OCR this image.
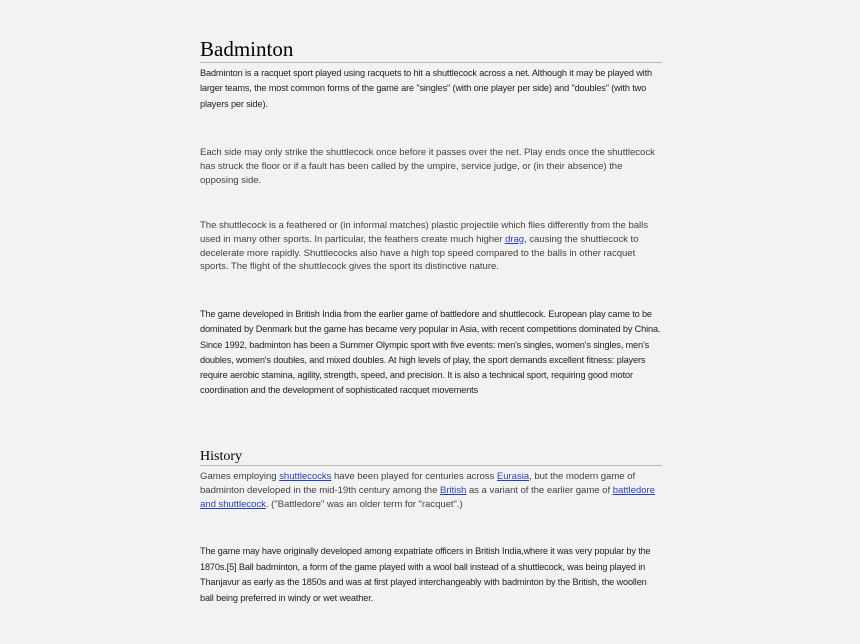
Badminton

Badminton is a racquet sport played using racquets to hit a shuttlecock across a net. Although it may be played with larger teams, the most common forms of the game are "singles" (with one player per side) and "doubles" (with two players per side).

Each side may only strike the shuttlecock once before it passes over the net. Play ends once the shuttlecock has struck the floor or if a fault has been called by the umpire, service judge, or (in their absence) the opposing side.

The shuttlecock is a feathered or (in informal matches) plastic projectile which flies differently from the balls used in many other sports. In particular, the feathers create much higher drag, causing the shuttlecock to decelerate more rapidly. Shuttlecocks also have a high top speed compared to the balls in other racquet sports. The flight of the shuttlecock gives the sport its distinctive nature.

The game developed in British India from the earlier game of battledore and shuttlecock. European play came to be dominated by Denmark but the game has became very popular in Asia, with recent competitions dominated by China. Since 1992, badminton has been a Summer Olympic sport with five events: men's singles, women's singles, men's doubles, women's doubles, and mixed doubles. At high levels of play, the sport demands excellent fitness: players require aerobic stamina, agility, strength, speed, and precision. It is also a technical sport, requiring good motor coordination and the development of sophisticated racquet movements

History

Games employing shuttlecocks have been played for centuries across Eurasia, but the modern game of badminton developed in the mid-19th century among the British as a variant of the earlier game of battledore and shuttlecock. ("Battledore" was an older term for "racquet".)

The game may have originally developed among expatriate officers in British India,where it was very popular by the 1870s.[5] Ball badminton, a form of the game played with a wool ball instead of a shuttlecock, was being played in Thanjavur as early as the 1850s and was at first played interchangeably with badminton by the British, the woollen ball being preferred in windy or wet weather.
